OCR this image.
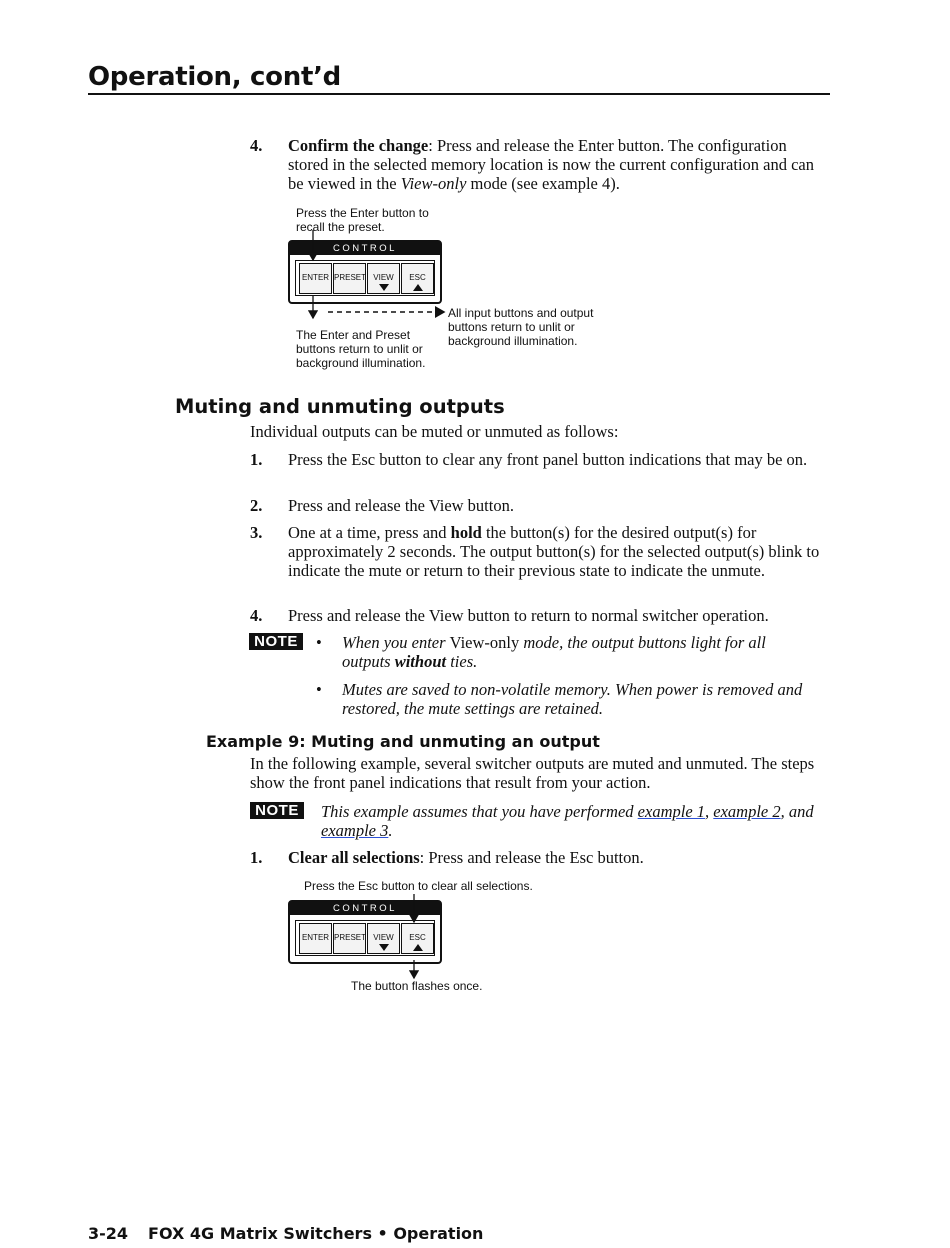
Operation, cont’d
4. Confirm the change: Press and release the Enter button. The configuration stored in the selected memory location is now the current configuration and can be viewed in the View-only mode (see example 4).
Press the Enter button to
recall the preset.
CONTROL
ENTER PRESET VIEW	ESC
The Enter and Preset
buttons return to unlit or
background illumination.
All input buttons and output
buttons return to unlit or
background illumination.
Muting and unmuting outputs
Individual outputs can be muted or unmuted as follows:
1. Press the Esc button to clear any front panel button indications that may be on.
2. Press and release the View button.
3. One at a time, press and hold the button(s) for the desired output(s) for approximately 2 seconds. The output button(s) for the selected output(s) blink to indicate the mute or return to their previous state to indicate the unmute.
4. Press and release the View button to return to normal switcher operation.
NOTE	• When you enter View-only mode, the output buttons light for all outputs without ties.
• Mutes are saved to non-volatile memory. When power is removed and restored, the mute settings are retained.
Example 9: Muting and unmuting an output
In the following example, several switcher outputs are muted and unmuted. The steps show the front panel indications that result from your action.
NOTE	This example assumes that you have performed example 1, example 2, and example 3.
1. Clear all selections: Press and release the Esc button.
Press the Esc button to clear all selections.
CONTROL
ENTER PRESET VIEW	ESC
The button flashes once.
3-24 FOX 4G Matrix Switchers • Operation
